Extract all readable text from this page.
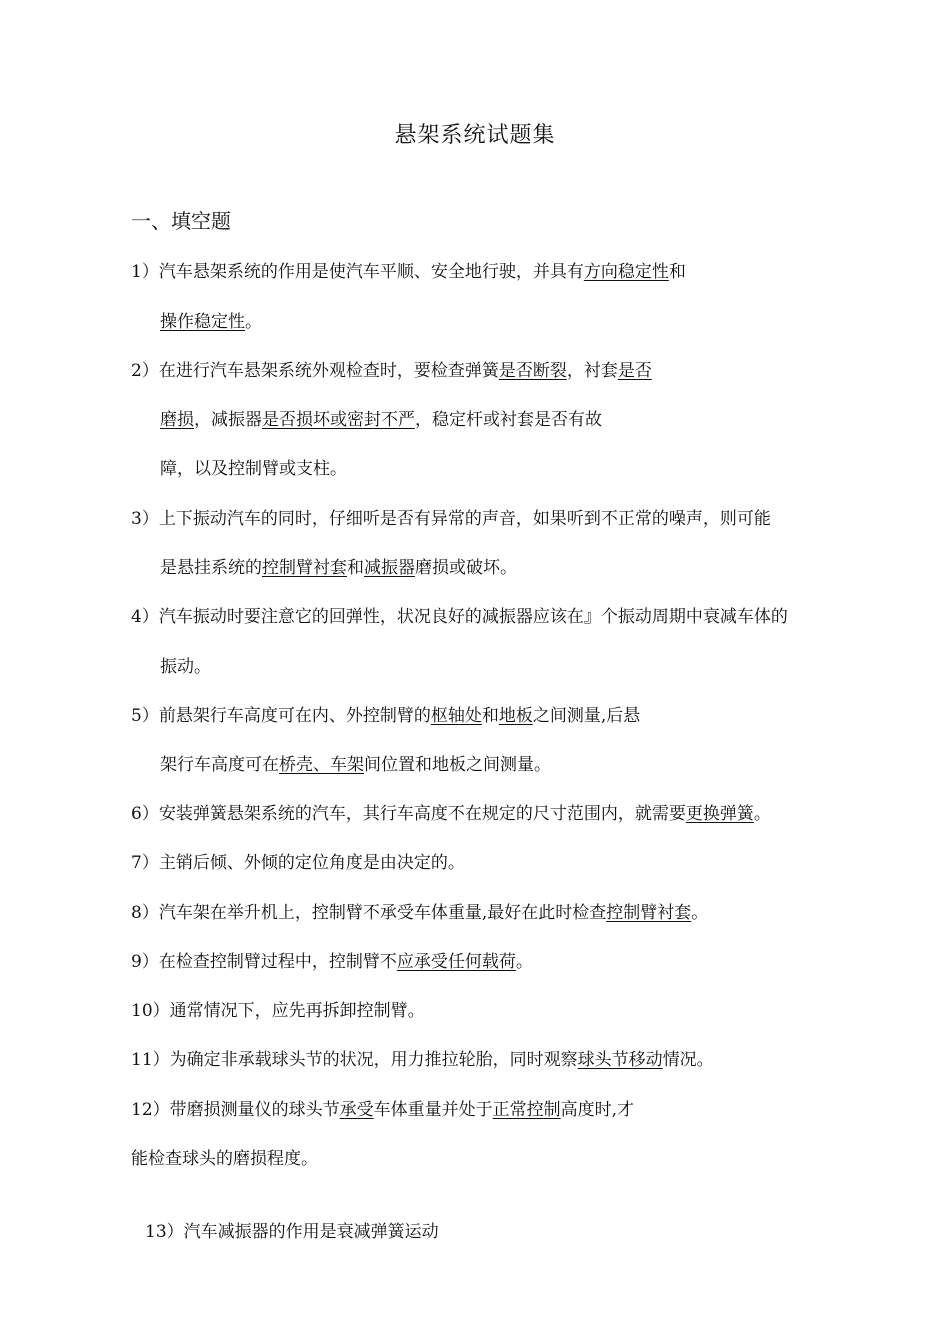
悬架系统试题集
一、填空题
1）汽车悬架系统的作用是使汽车平顺、安全地行驶，并具有方向稳定性和
操作稳定性。
2）在进行汽车悬架系统外观检查时，要检查弹簧是否断裂，衬套是否
磨损，减振器是否损坏或密封不严，稳定杆或衬套是否有故
障，以及控制臂或支柱。
3）上下振动汽车的同时，仔细听是否有异常的声音，如果听到不正常的噪声，则可能
是悬挂系统的控制臂衬套和减振器磨损或破坏。
4）汽车振动时要注意它的回弹性，状况良好的减振器应该在』个振动周期中衰减车体的
振动。
5）前悬架行车高度可在内、外控制臂的枢轴处和地板之间测量,后悬
架行车高度可在桥壳、车架间位置和地板之间测量。
6）安装弹簧悬架系统的汽车，其行车高度不在规定的尺寸范围内，就需要更换弹簧。
7）主销后倾、外倾的定位角度是由决定的。
8）汽车架在举升机上，控制臂不承受车体重量,最好在此时检查控制臂衬套。
9）在检查控制臂过程中，控制臂不应承受任何载荷。
10）通常情况下，应先再拆卸控制臂。
11）为确定非承载球头节的状况，用力推拉轮胎，同时观察球头节移动情况。
12）带磨损测量仪的球头节承受车体重量并处于正常控制高度时,才
能检查球头的磨损程度。
13）汽车减振器的作用是衰减弹簧运动
